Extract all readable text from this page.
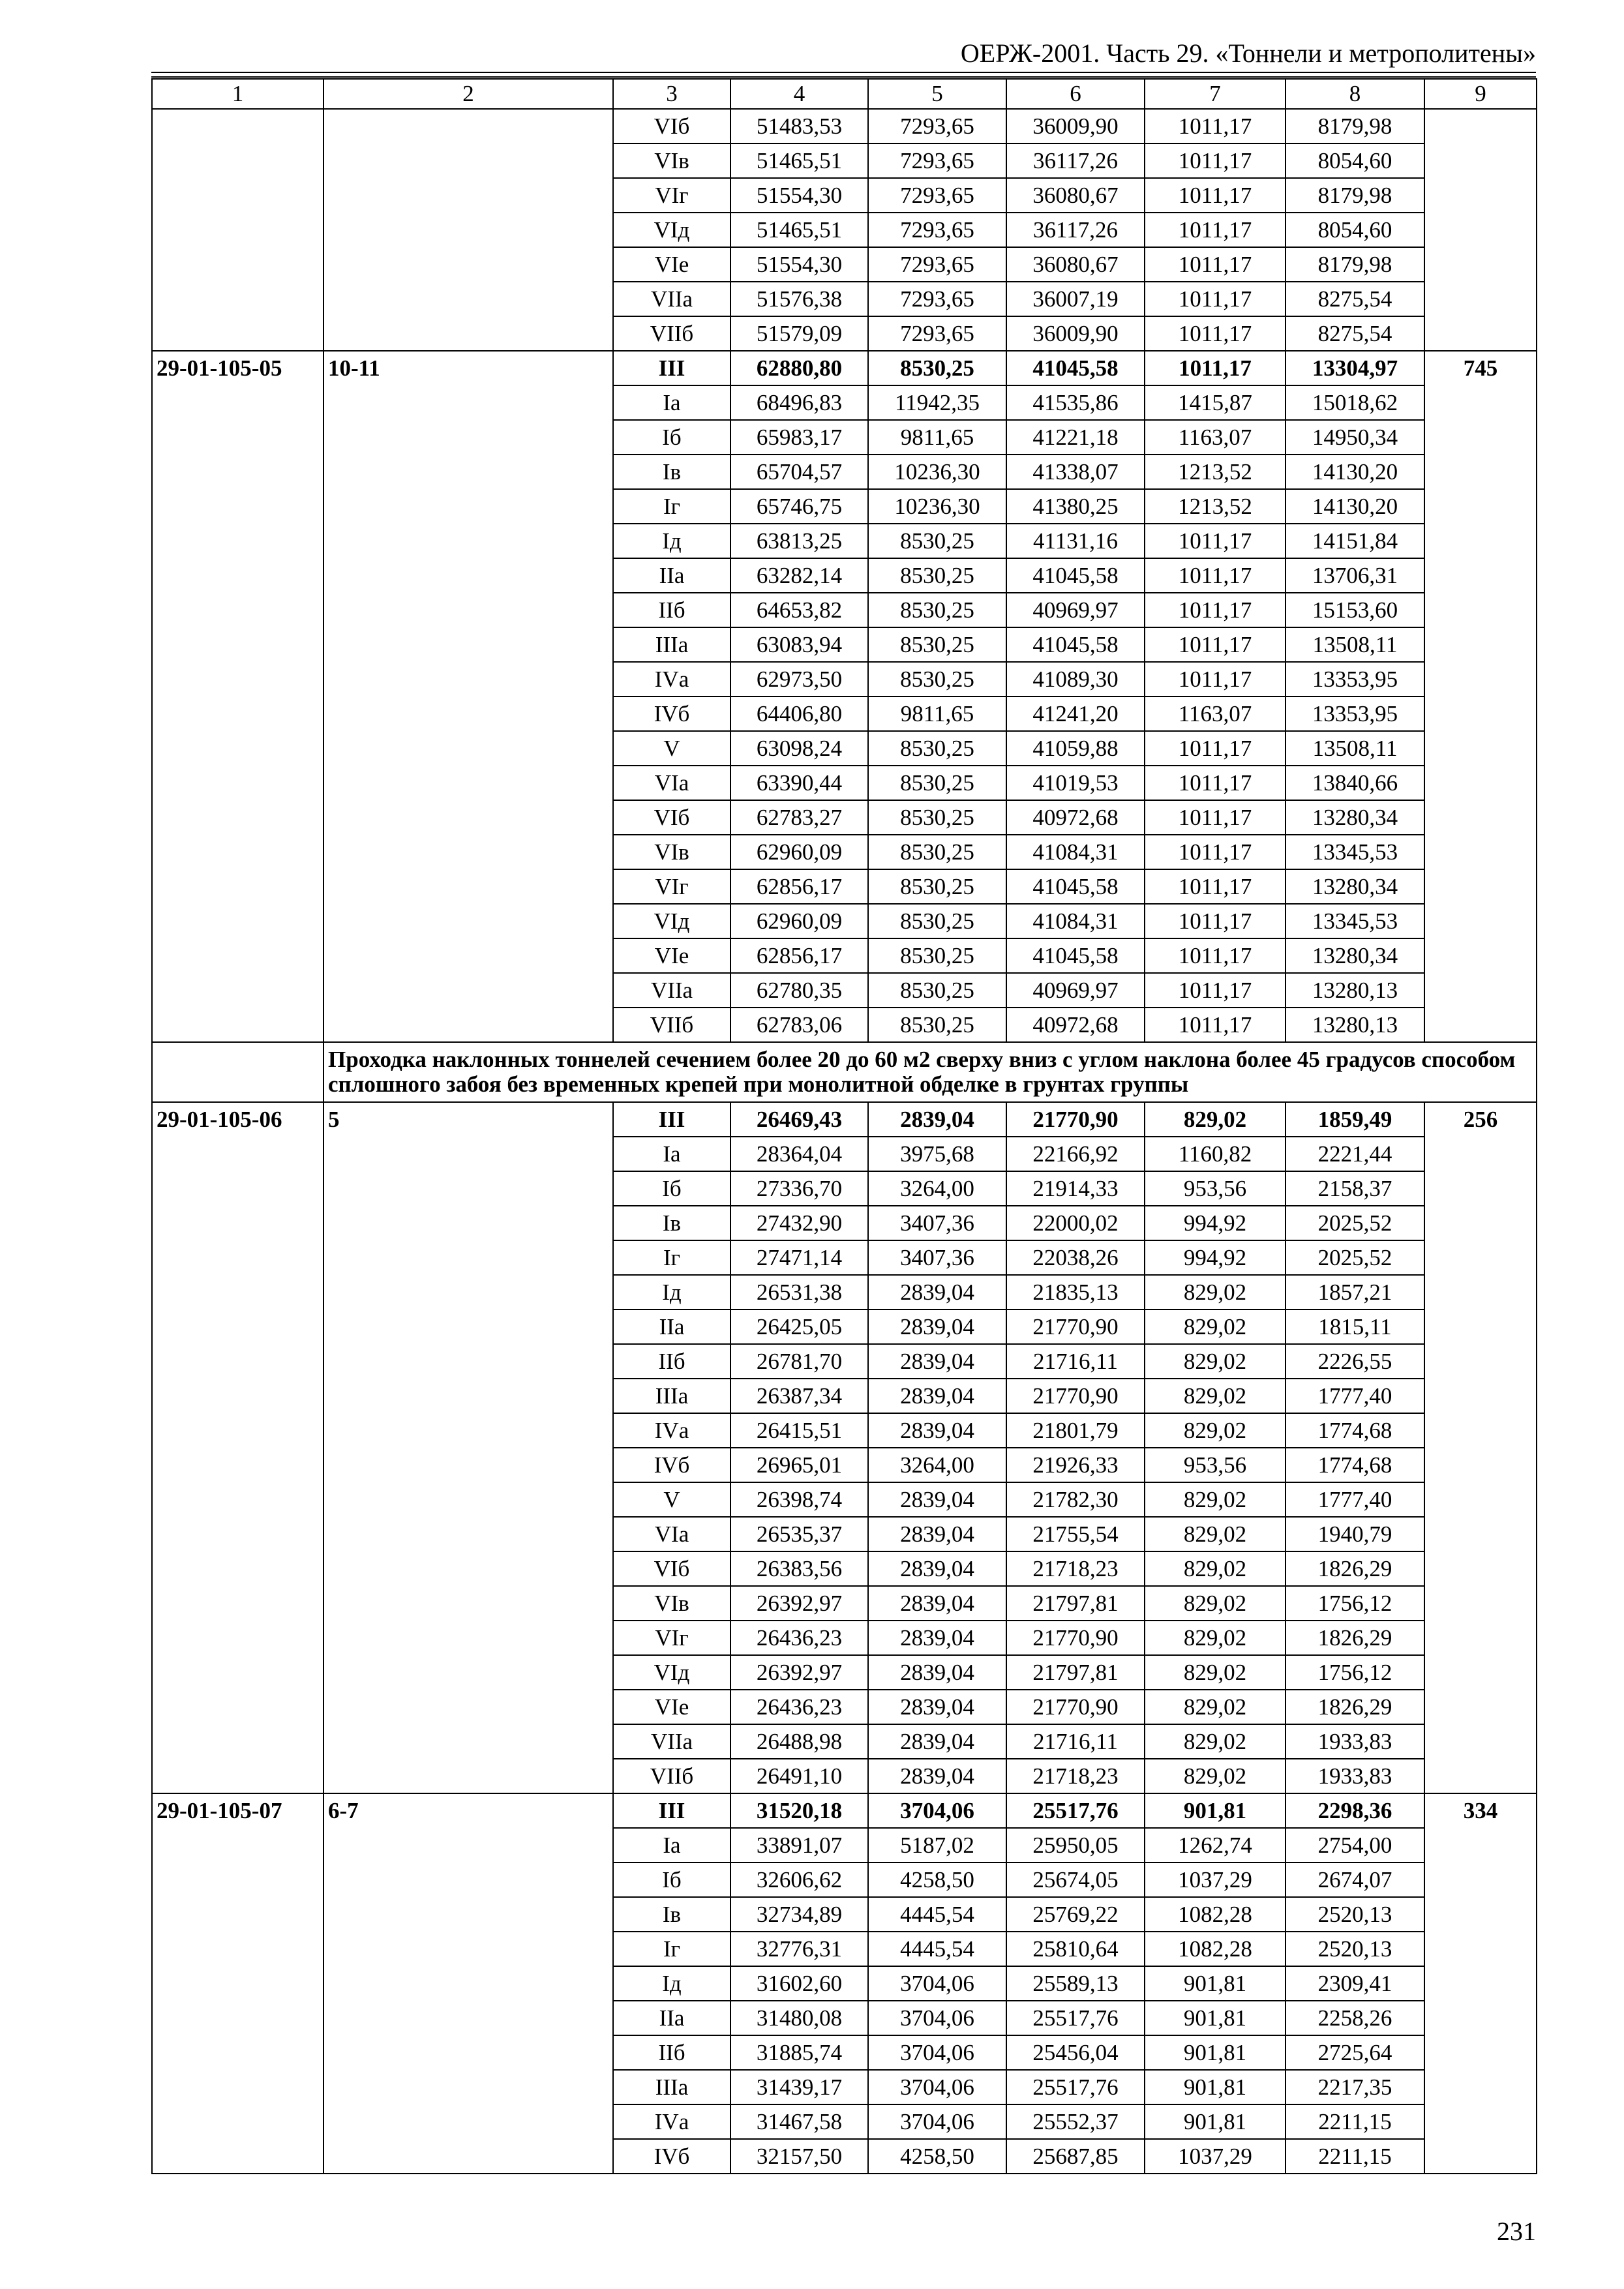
ОЕРЖ-2001. Часть 29. «Тоннели и метрополитены»
1	2	3	4	5	6	7	8	9
		VIб	51483,53	7293,65	36009,90	1011,17	8179,98	
		VIв	51465,51	7293,65	36117,26	1011,17	8054,60	
		VIг	51554,30	7293,65	36080,67	1011,17	8179,98	
		VIд	51465,51	7293,65	36117,26	1011,17	8054,60	
		VIе	51554,30	7293,65	36080,67	1011,17	8179,98	
		VIIа	51576,38	7293,65	36007,19	1011,17	8275,54	
		VIIб	51579,09	7293,65	36009,90	1011,17	8275,54	
29-01-105-05	10-11	III	62880,80	8530,25	41045,58	1011,17	13304,97	745
		Iа	68496,83	11942,35	41535,86	1415,87	15018,62	
		Iб	65983,17	9811,65	41221,18	1163,07	14950,34	
		Iв	65704,57	10236,30	41338,07	1213,52	14130,20	
		Iг	65746,75	10236,30	41380,25	1213,52	14130,20	
		Iд	63813,25	8530,25	41131,16	1011,17	14151,84	
		IIа	63282,14	8530,25	41045,58	1011,17	13706,31	
		IIб	64653,82	8530,25	40969,97	1011,17	15153,60	
		IIIа	63083,94	8530,25	41045,58	1011,17	13508,11	
		IVа	62973,50	8530,25	41089,30	1011,17	13353,95	
		IVб	64406,80	9811,65	41241,20	1163,07	13353,95	
		V	63098,24	8530,25	41059,88	1011,17	13508,11	
		VIа	63390,44	8530,25	41019,53	1011,17	13840,66	
		VIб	62783,27	8530,25	40972,68	1011,17	13280,34	
		VIв	62960,09	8530,25	41084,31	1011,17	13345,53	
		VIг	62856,17	8530,25	41045,58	1011,17	13280,34	
		VIд	62960,09	8530,25	41084,31	1011,17	13345,53	
		VIе	62856,17	8530,25	41045,58	1011,17	13280,34	
		VIIа	62780,35	8530,25	40969,97	1011,17	13280,13	
		VIIб	62783,06	8530,25	40972,68	1011,17	13280,13	
	Проходка наклонных тоннелей сечением более 20 до 60 м2 сверху вниз с углом наклона более 45 градусов способом сплошного забоя без временных крепей при монолитной обделке в грунтах группы							
29-01-105-06	5	III	26469,43	2839,04	21770,90	829,02	1859,49	256
		Iа	28364,04	3975,68	22166,92	1160,82	2221,44	
		Iб	27336,70	3264,00	21914,33	953,56	2158,37	
		Iв	27432,90	3407,36	22000,02	994,92	2025,52	
		Iг	27471,14	3407,36	22038,26	994,92	2025,52	
		Iд	26531,38	2839,04	21835,13	829,02	1857,21	
		IIа	26425,05	2839,04	21770,90	829,02	1815,11	
		IIб	26781,70	2839,04	21716,11	829,02	2226,55	
		IIIа	26387,34	2839,04	21770,90	829,02	1777,40	
		IVа	26415,51	2839,04	21801,79	829,02	1774,68	
		IVб	26965,01	3264,00	21926,33	953,56	1774,68	
		V	26398,74	2839,04	21782,30	829,02	1777,40	
		VIа	26535,37	2839,04	21755,54	829,02	1940,79	
		VIб	26383,56	2839,04	21718,23	829,02	1826,29	
		VIв	26392,97	2839,04	21797,81	829,02	1756,12	
		VIг	26436,23	2839,04	21770,90	829,02	1826,29	
		VIд	26392,97	2839,04	21797,81	829,02	1756,12	
		VIе	26436,23	2839,04	21770,90	829,02	1826,29	
		VIIа	26488,98	2839,04	21716,11	829,02	1933,83	
		VIIб	26491,10	2839,04	21718,23	829,02	1933,83	
29-01-105-07	6-7	III	31520,18	3704,06	25517,76	901,81	2298,36	334
		Iа	33891,07	5187,02	25950,05	1262,74	2754,00	
		Iб	32606,62	4258,50	25674,05	1037,29	2674,07	
		Iв	32734,89	4445,54	25769,22	1082,28	2520,13	
		Iг	32776,31	4445,54	25810,64	1082,28	2520,13	
		Iд	31602,60	3704,06	25589,13	901,81	2309,41	
		IIа	31480,08	3704,06	25517,76	901,81	2258,26	
		IIб	31885,74	3704,06	25456,04	901,81	2725,64	
		IIIа	31439,17	3704,06	25517,76	901,81	2217,35	
		IVа	31467,58	3704,06	25552,37	901,81	2211,15	
		IVб	32157,50	4258,50	25687,85	1037,29	2211,15	
231
